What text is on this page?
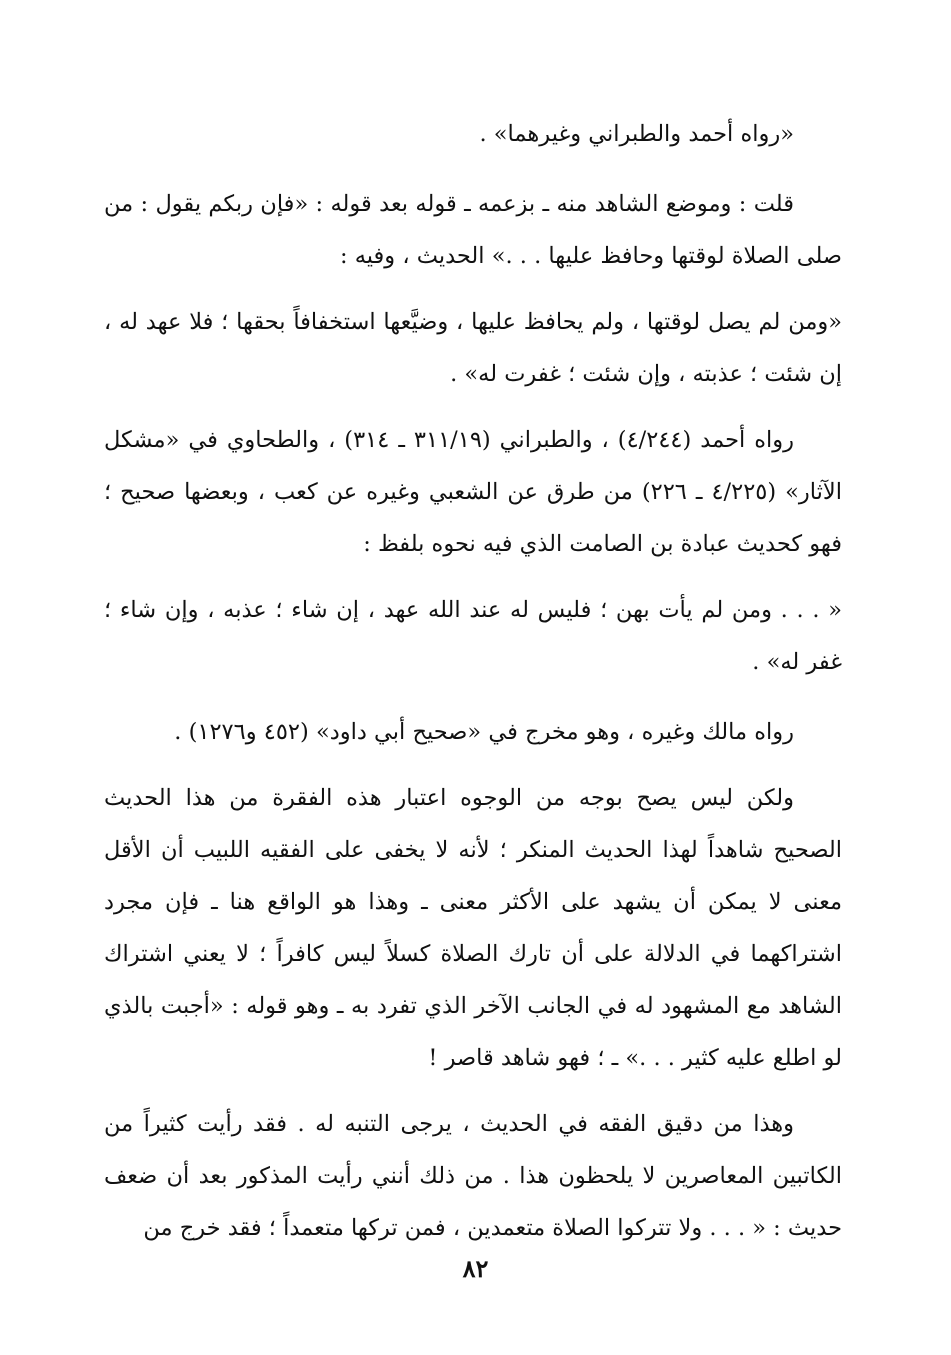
«رواه أحمد والطبراني وغيرهما» .

قلت : وموضع الشاهد منه ـ بزعمه ـ قوله بعد قوله : «فإن ربكم يقول : من صلى الصلاة لوقتها وحافظ عليها . . .» الحديث ، وفيه :

«ومن لم يصل لوقتها ، ولم يحافظ عليها ، وضيَّعها استخفافاً بحقها ؛ فلا عهد له ، إن شئت ؛ عذبته ، وإن شئت ؛ غفرت له» .

رواه أحمد (٤/٢٤٤) ، والطبراني (٣١١/١٩ ـ ٣١٤) ، والطحاوي في «مشكل الآثار» (٤/٢٢٥ ـ ٢٢٦) من طرق عن الشعبي وغيره عن كعب ، وبعضها صحيح ؛ فهو كحديث عبادة بن الصامت الذي فيه نحوه بلفظ :

« . . . ومن لم يأت بهن ؛ فليس له عند الله عهد ، إن شاء ؛ عذبه ، وإن شاء ؛ غفر له» .

رواه مالك وغيره ، وهو مخرج في «صحيح أبي داود» (٤٥٢ و١٢٧٦) .

ولكن ليس يصح بوجه من الوجوه اعتبار هذه الفقرة من هذا الحديث الصحيح شاهداً لهذا الحديث المنكر ؛ لأنه لا يخفى على الفقيه اللبيب أن الأقل معنى لا يمكن أن يشهد على الأكثر معنى ـ وهذا هو الواقع هنا ـ فإن مجرد اشتراكهما في الدلالة على أن تارك الصلاة كسلاً ليس كافراً ؛ لا يعني اشتراك الشاهد مع المشهود له في الجانب الآخر الذي تفرد به ـ وهو قوله : «أجبت بالذي لو اطلع عليه كثير . . .» ـ ؛ فهو شاهد قاصر !

وهذا من دقيق الفقه في الحديث ، يرجى التنبه له . فقد رأيت كثيراً من الكاتبين المعاصرين لا يلحظون هذا . من ذلك أنني رأيت المذكور بعد أن ضعف حديث : « . . . ولا تتركوا الصلاة متعمدين ، فمن تركها متعمداً ؛ فقد خرج من

٨٢
